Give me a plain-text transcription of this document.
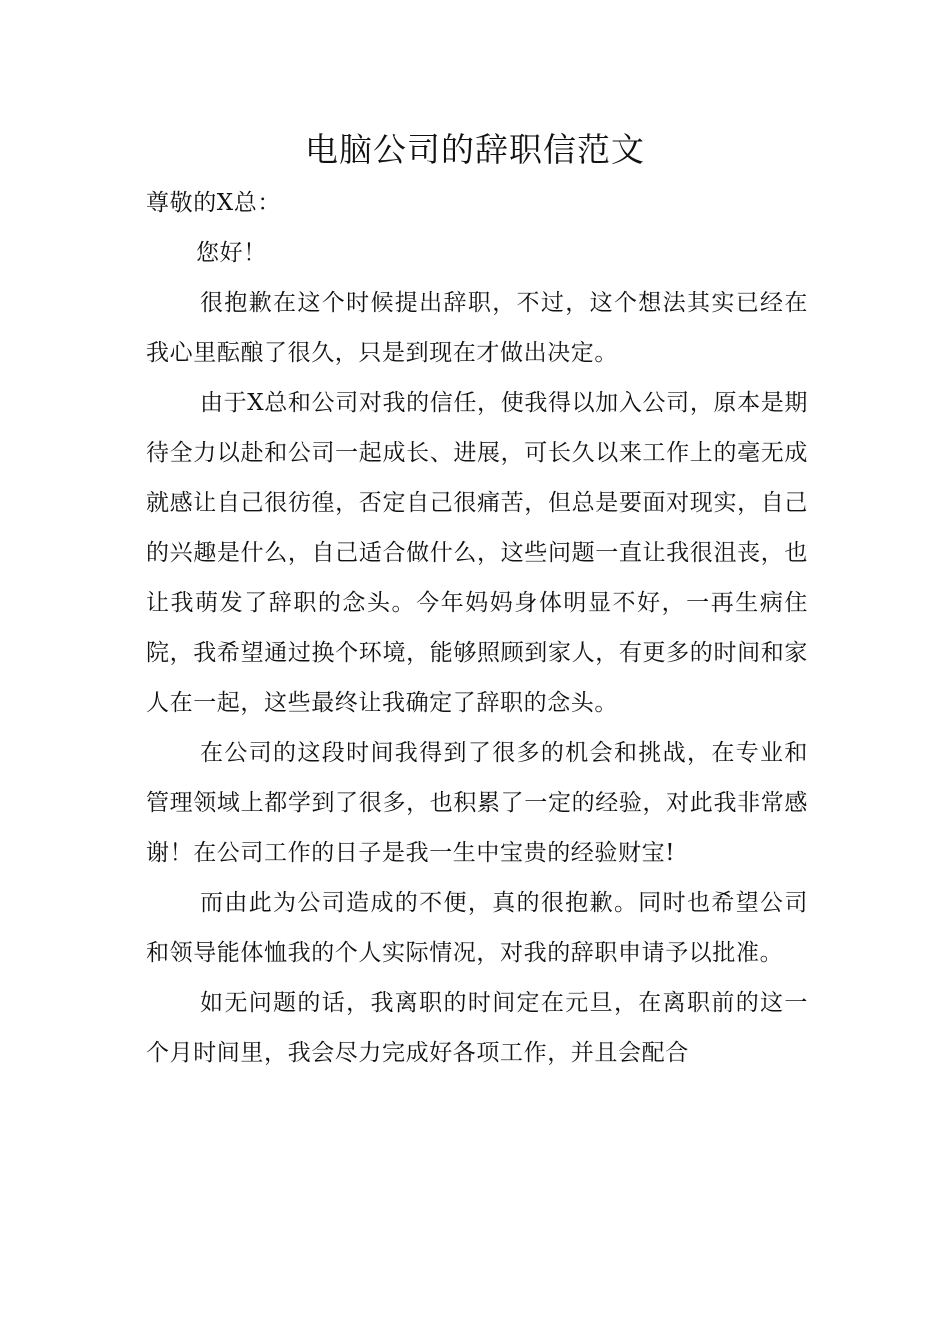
电脑公司的辞职信范文

尊敬的X总：

您好！

很抱歉在这个时候提出辞职，不过，这个想法其实已经在我心里酝酿了很久，只是到现在才做出决定。

由于X总和公司对我的信任，使我得以加入公司，原本是期待全力以赴和公司一起成长、进展，可长久以来工作上的毫无成就感让自己很彷徨，否定自己很痛苦，但总是要面对现实，自己的兴趣是什么，自己适合做什么，这些问题一直让我很沮丧，也让我萌发了辞职的念头。今年妈妈身体明显不好，一再生病住院，我希望通过换个环境，能够照顾到家人，有更多的时间和家人在一起，这些最终让我确定了辞职的念头。

在公司的这段时间我得到了很多的机会和挑战，在专业和管理领域上都学到了很多，也积累了一定的经验，对此我非常感谢！在公司工作的日子是我一生中宝贵的经验财宝!

而由此为公司造成的不便，真的很抱歉。同时也希望公司和领导能体恤我的个人实际情况，对我的辞职申请予以批准。

如无问题的话，我离职的时间定在元旦，在离职前的这一个月时间里，我会尽力完成好各项工作，并且会配合
